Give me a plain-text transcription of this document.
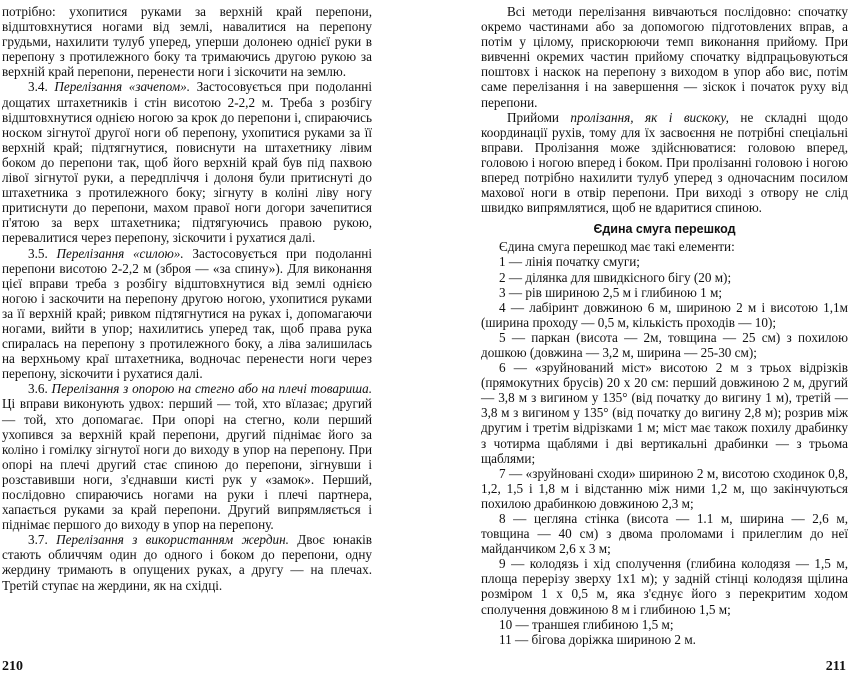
потрібно: ухопитися руками за верхній край перепони, відштовхнутися ногами від землі, навалитися на перепону грудьми, нахилити тулуб уперед, уперши долонею однієї руки в перепону з протилежного боку та тримаючись другою рукою за верхній край перепони, перенести ноги і зіскочити на землю.

3.4. Перелізання «зачепом». Застосовується при подоланні дощатих штахетників і стін висотою 2-2,2 м. Треба з розбігу відштовхнутися однією ногою за крок до перепони і, спираючись носком зігнутої другої ноги об перепону, ухопитися руками за її верхній край; підтягнутися, повиснути на штахетнику лівим боком до перепони так, щоб його верхній край був під пахвою лівої зігнутої руки, а передпліччя і долоня були притиснуті до штахетника з протилежного боку; зігнуту в коліні ліву ногу притиснути до перепони, махом правої ноги догори зачепитися п'ятою за верх штахетника; підтягуючись правою рукою, перевалитися через перепону, зіскочити і рухатися далі.

3.5. Перелізання «силою». Застосовується при подоланні перепони висотою 2-2,2 м (зброя — «за спину»). Для виконання цієї вправи треба з розбігу відштовхнутися від землі однією ногою і заскочити на перепону другою ногою, ухопитися руками за її верхній край; ривком підтягнутися на руках і, допомагаючи ногами, вийти в упор; нахилитись уперед так, щоб права рука спиралась на перепону з протилежного боку, а ліва залишилась на верхньому краї штахетника, водночас перенести ноги через перепону, зіскочити і рухатися далі.

3.6. Перелізання з опорою на стегно або на плечі товариша. Ці вправи виконують удвох: перший — той, хто вїлазає; другий — той, хто допомагає. При опорі на стегно, коли перший ухопився за верхній край перепони, другий піднімає його за коліно і гомілку зігнутої ноги до виходу в упор на перепону. При опорі на плечі другий стає спиною до перепони, зігнувши і розставивши ноги, з'єднавши кисті рук у «замок». Перший, послідовно спираючись ногами на руки і плечі партнера, хапається руками за край перепони. Другий випрямляється і піднімає першого до виходу в упор на перепону.

3.7. Перелізання з використанням жердин. Двоє юнаків стають обличчям один до одного і боком до перепони, одну жердину тримають в опущених руках, а другу — на плечах. Третій ступає на жердини, як на східці.

210

Всі методи перелізання вивчаються послідовно: спочатку окремо частинами або за допомогою підготовлених вправ, а потім у цілому, прискорюючи темп виконання прийому. При вивченні окремих частин прийому спочатку відпрацьовуються поштовх і наскок на перепону з виходом в упор або вис, потім саме перелізання і на завершення — зіскок і початок руху від перепони.

Прийоми пролізання, як і вискоку, не складні щодо координації рухів, тому для їх засвоєння не потрібні спеціальні вправи. Пролізання може здійснюватися: головою вперед, головою і ногою вперед і боком. При пролізанні головою і ногою вперед потрібно нахилити тулуб уперед з одночасним посилом махової ноги в отвір перепони. При виході з отвору не слід швидко випрямлятися, щоб не вдаритися спиною.

Єдина смуга перешкод

Єдина смуга перешкод має такі елементи:

1 — лінія початку смуги;

2 — ділянка для швидкісного бігу (20 м);

3 — рів шириною 2,5 м і глибиною 1 м;

4 — лабіринт довжиною 6 м, шириною 2 м і висотою 1,1м (ширина проходу — 0,5 м, кількість проходів — 10);

5 — паркан (висота — 2м, товщина — 25 см) з похилою дошкою (довжина — 3,2 м, ширина — 25-30 см);

6 — «зруйнований міст» висотою 2 м з трьох відрізків (прямокутних брусів) 20 х 20 см: перший довжиною 2 м, другий — 3,8 м з вигином у 135° (від початку до вигину 1 м), третій — 3,8 м з вигином у 135° (від початку до вигину 2,8 м); розрив між другим і третім відрізками 1 м; міст має також похилу драбинку з чотирма щаблями і дві вертикальні драбинки — з трьома щаблями;

7 — «зруйновані сходи» шириною 2 м, висотою сходинок 0,8, 1,2, 1,5 і 1,8 м і відстанню між ними 1,2 м, що закінчуються похилою драбинкою довжиною 2,3 м;

8 — цегляна стінка (висота — 1.1 м, ширина — 2,6 м, товщина — 40 см) з двома проломами і прилеглим до неї майданчиком 2,6 х 3 м;

9 — колодязь і хід сполучення (глибина колодязя — 1,5 м, площа перерізу зверху 1х1 м); у задній стінці колодязя щілина розміром 1 х 0,5 м, яка з'єднує його з перекритим ходом сполучення довжиною 8 м і глибиною 1,5 м;

10 — траншея глибиною 1,5 м;

11 — бігова доріжка шириною 2 м.

211
